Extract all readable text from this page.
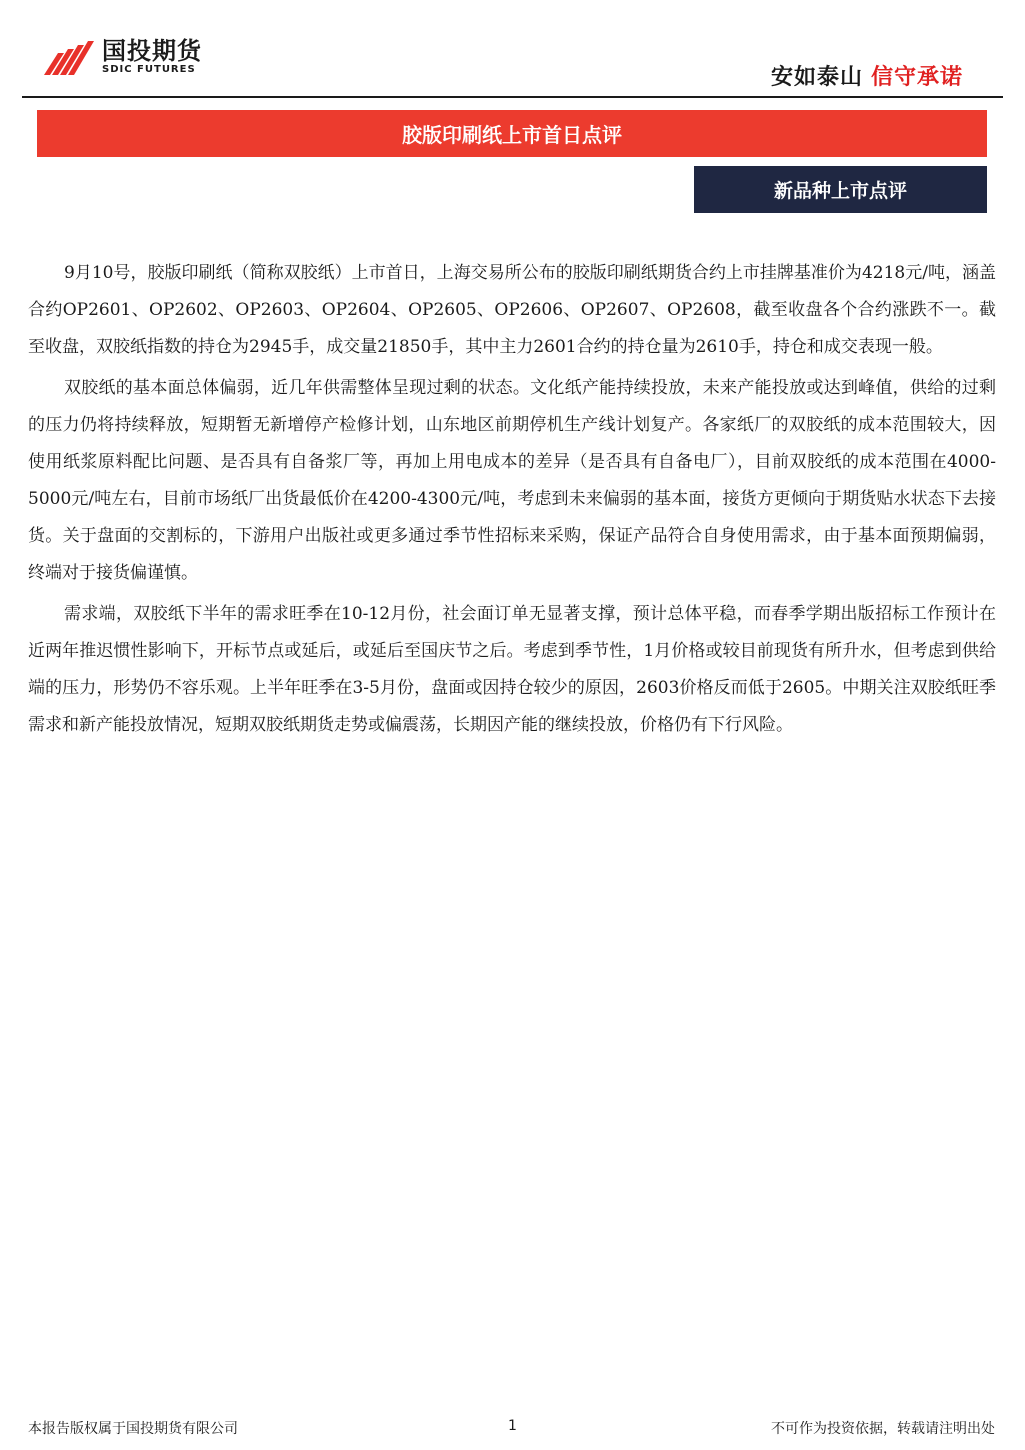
国投期货
SDIC FUTURES	安如泰山 信守承诺
胶版印刷纸上市首日点评
新品种上市点评

9月10号，胶版印刷纸（简称双胶纸）上市首日，上海交易所公布的胶版印刷纸期货合约上市挂牌基准价为4218元/吨，涵盖合约OP2601、OP2602、OP2603、OP2604、OP2605、OP2606、OP2607、OP2608，截至收盘各个合约涨跌不一。截至收盘，双胶纸指数的持仓为2945手，成交量21850手，其中主力2601合约的持仓量为2610手，持仓和成交表现一般。

双胶纸的基本面总体偏弱，近几年供需整体呈现过剩的状态。文化纸产能持续投放，未来产能投放或达到峰值，供给的过剩的压力仍将持续释放，短期暂无新增停产检修计划，山东地区前期停机生产线计划复产。各家纸厂的双胶纸的成本范围较大，因使用纸浆原料配比问题、是否具有自备浆厂等，再加上用电成本的差异（是否具有自备电厂），目前双胶纸的成本范围在4000-5000元/吨左右，目前市场纸厂出货最低价在4200-4300元/吨，考虑到未来偏弱的基本面，接货方更倾向于期货贴水状态下去接货。关于盘面的交割标的，下游用户出版社或更多通过季节性招标来采购，保证产品符合自身使用需求，由于基本面预期偏弱，终端对于接货偏谨慎。

需求端，双胶纸下半年的需求旺季在10-12月份，社会面订单无显著支撑，预计总体平稳，而春季学期出版招标工作预计在近两年推迟惯性影响下，开标节点或延后，或延后至国庆节之后。考虑到季节性，1月价格或较目前现货有所升水，但考虑到供给端的压力，形势仍不容乐观。上半年旺季在3-5月份，盘面或因持仓较少的原因，2603价格反而低于2605。中期关注双胶纸旺季需求和新产能投放情况，短期双胶纸期货走势或偏震荡，长期因产能的继续投放，价格仍有下行风险。

本报告版权属于国投期货有限公司	1	不可作为投资依据，转载请注明出处
